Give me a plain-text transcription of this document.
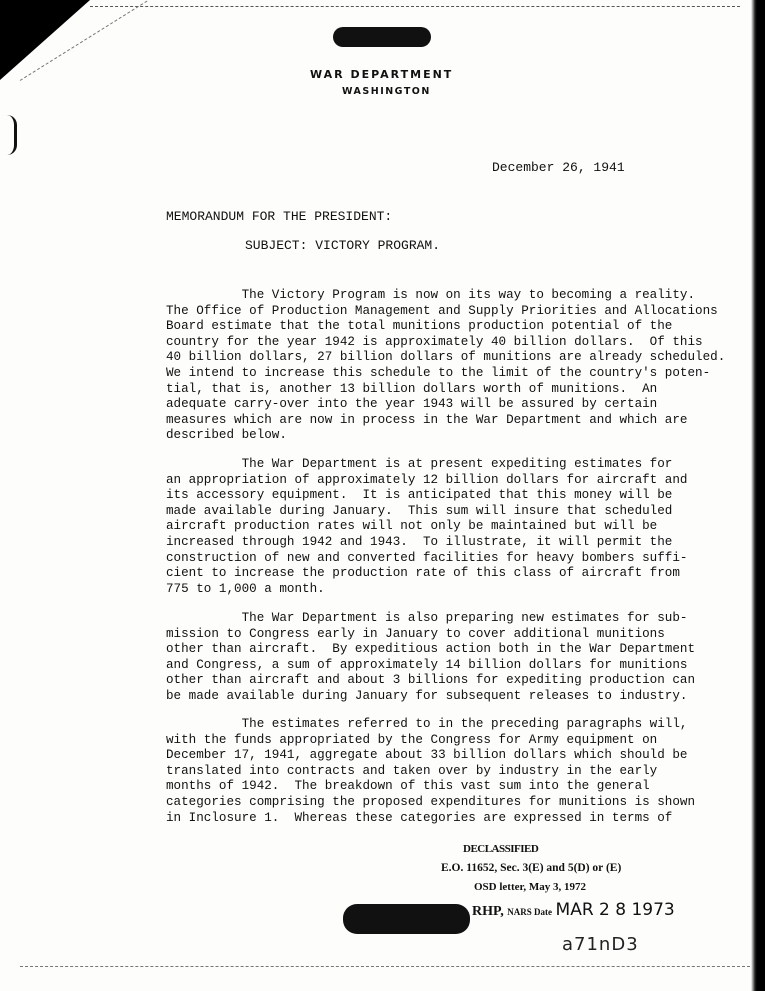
WAR DEPARTMENT
WASHINGTON
December 26, 1941
MEMORANDUM FOR THE PRESIDENT:
SUBJECT: VICTORY PROGRAM.
The Victory Program is now on its way to becoming a reality.
The Office of Production Management and Supply Priorities and Allocations
Board estimate that the total munitions production potential of the
country for the year 1942 is approximately 40 billion dollars.  Of this
40 billion dollars, 27 billion dollars of munitions are already scheduled.
We intend to increase this schedule to the limit of the country's poten-
tial, that is, another 13 billion dollars worth of munitions.  An
adequate carry-over into the year 1943 will be assured by certain
measures which are now in process in the War Department and which are
described below.
The War Department is at present expediting estimates for
an appropriation of approximately 12 billion dollars for aircraft and
its accessory equipment.  It is anticipated that this money will be
made available during January.  This sum will insure that scheduled
aircraft production rates will not only be maintained but will be
increased through 1942 and 1943.  To illustrate, it will permit the
construction of new and converted facilities for heavy bombers suffi-
cient to increase the production rate of this class of aircraft from
775 to 1,000 a month.
The War Department is also preparing new estimates for sub-
mission to Congress early in January to cover additional munitions
other than aircraft.  By expeditious action both in the War Department
and Congress, a sum of approximately 14 billion dollars for munitions
other than aircraft and about 3 billions for expediting production can
be made available during January for subsequent releases to industry.
The estimates referred to in the preceding paragraphs will,
with the funds appropriated by the Congress for Army equipment on
December 17, 1941, aggregate about 33 billion dollars which should be
translated into contracts and taken over by industry in the early
months of 1942.  The breakdown of this vast sum into the general
categories comprising the proposed expenditures for munitions is shown
in Inclosure 1.  Whereas these categories are expressed in terms of
DECLASSIFIED
E.O. 11652, Sec. 3(E) and 5(D) or (E)
OSD letter, May 3, 1972
RHP, NARS Date MAR 2 8 1973
a71nD3
